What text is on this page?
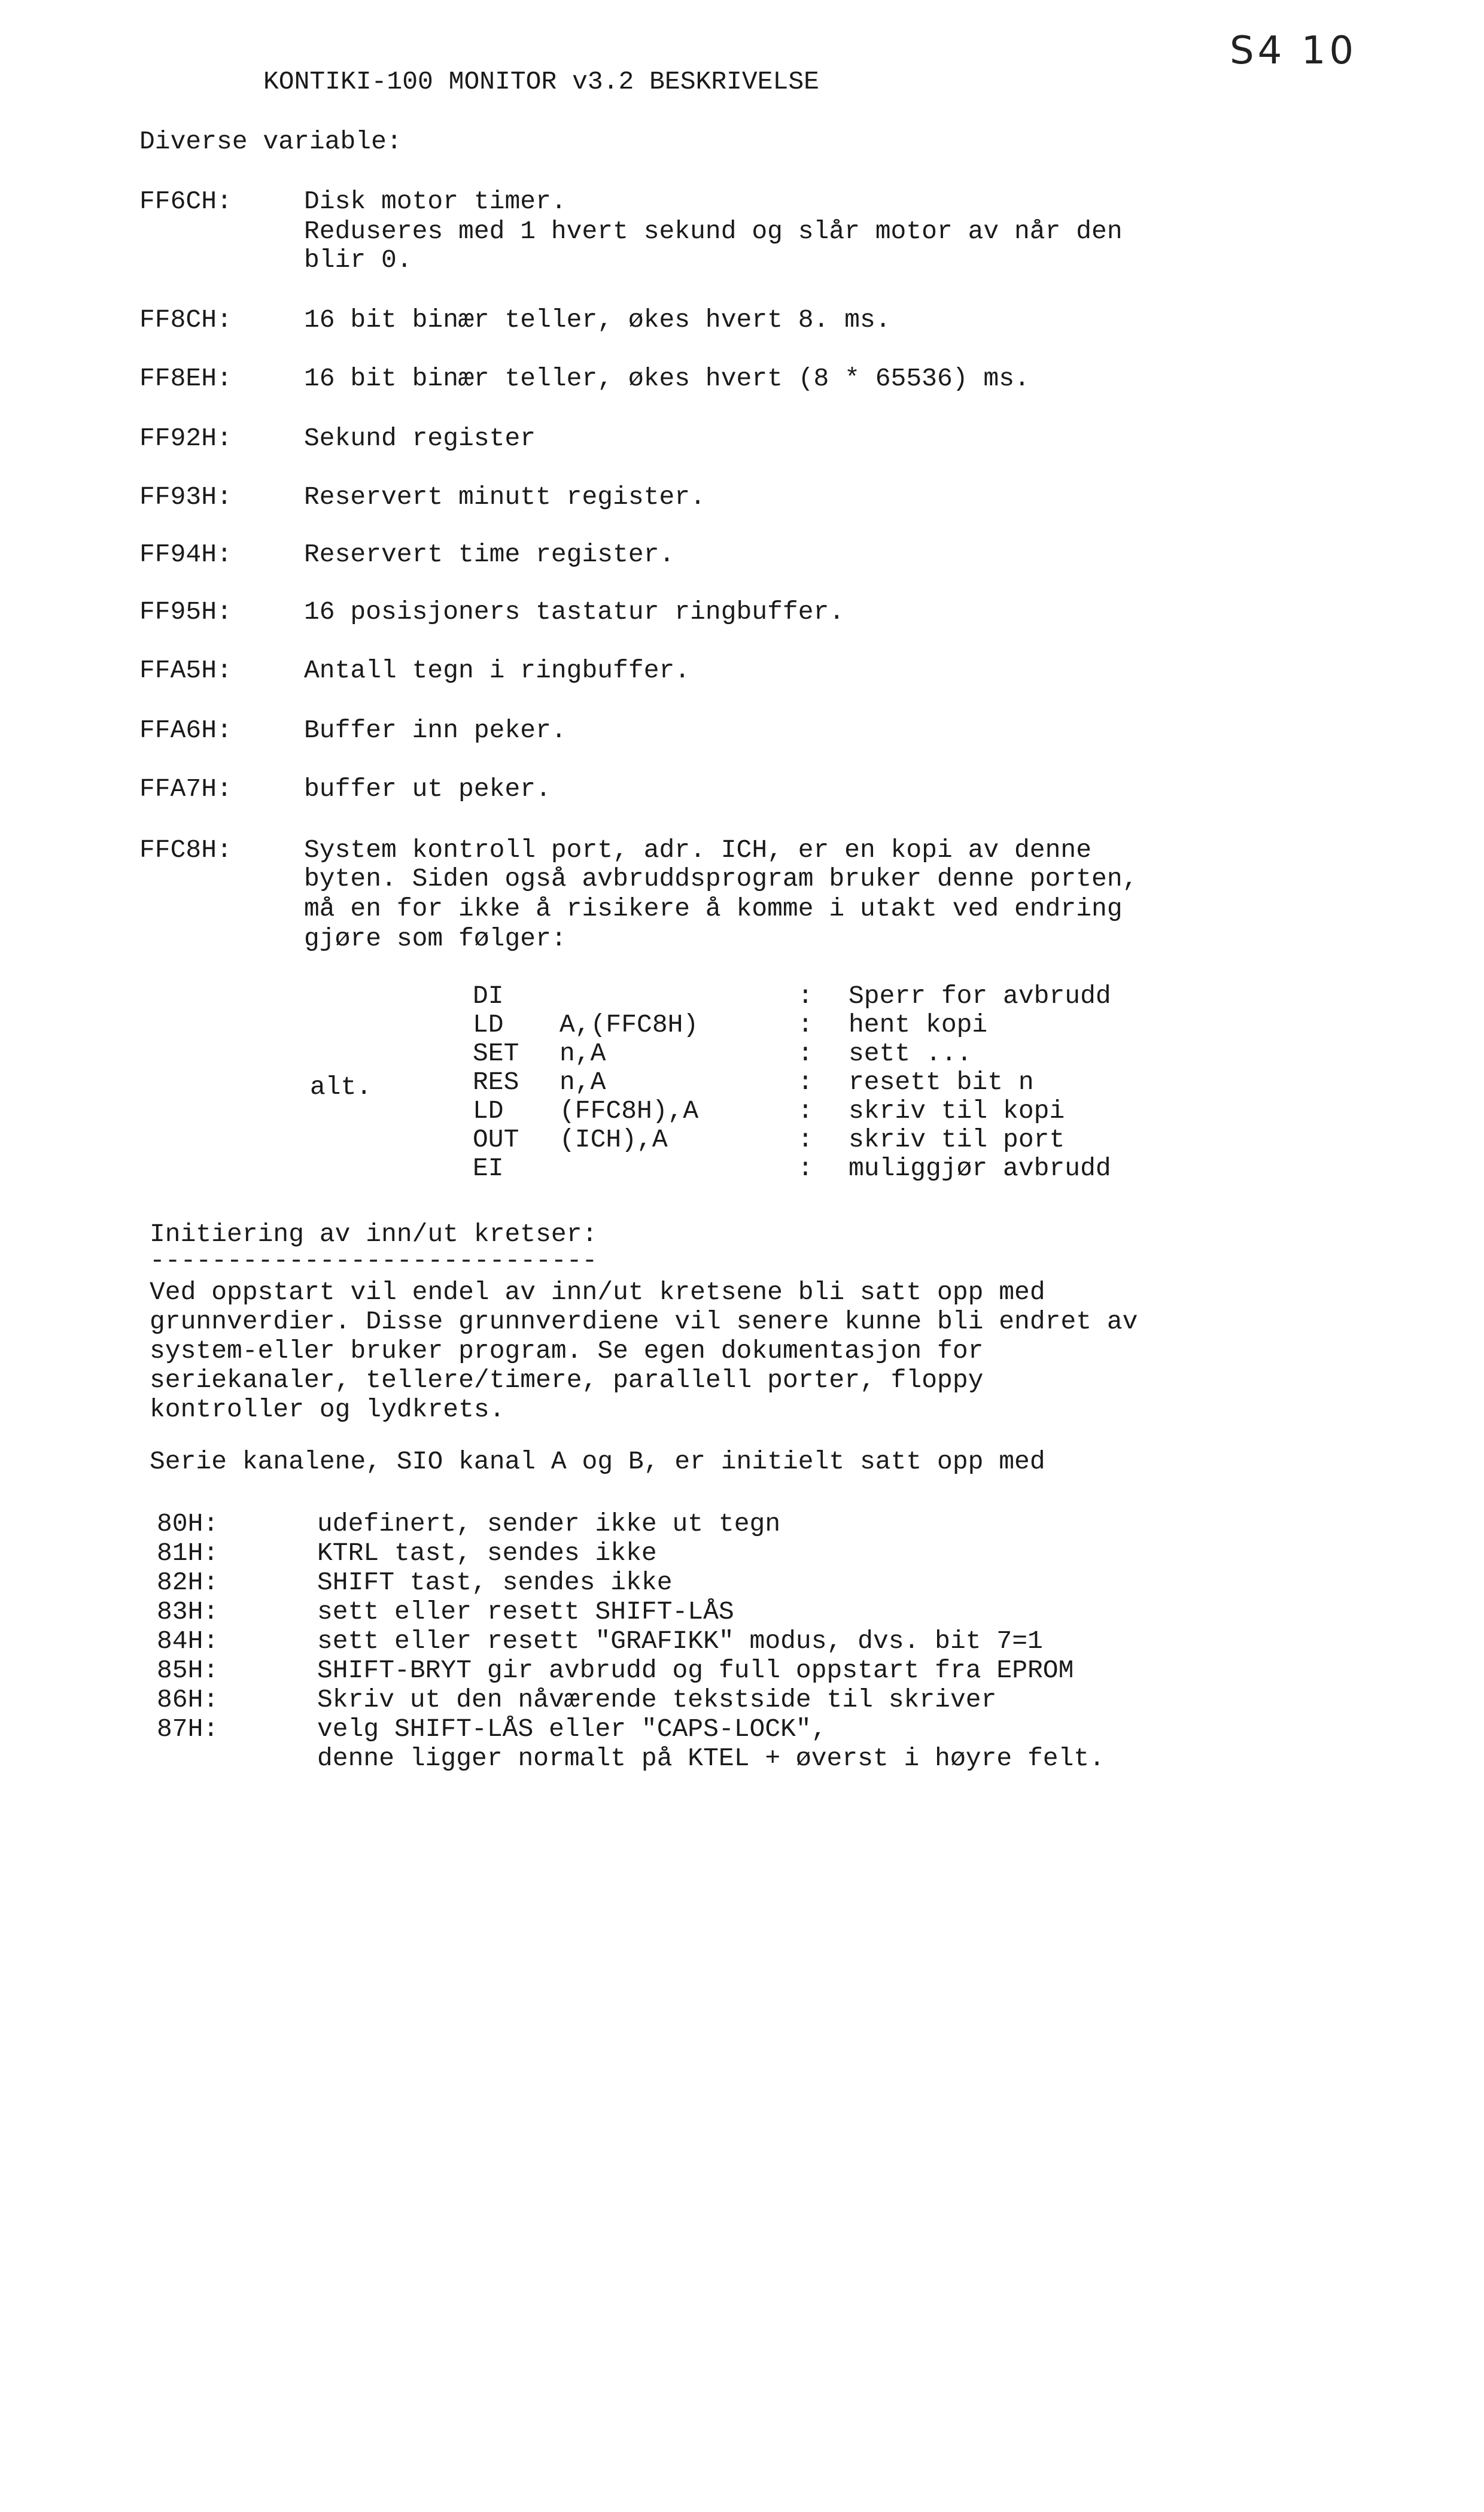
S4 10
KONTIKI-100 MONITOR v3.2 BESKRIVELSE
Diverse variable:
FF6CH:	Disk motor timer.
Reduseres med 1 hvert sekund og slår motor av når den
blir 0.
FF8CH:	16 bit binær teller, økes hvert 8. ms.
FF8EH:	16 bit binær teller, økes hvert (8 * 65536) ms.
FF92H:	Sekund register
FF93H:	Reservert minutt register.
FF94H:	Reservert time register.
FF95H:	16 posisjoners tastatur ringbuffer.
FFA5H:	Antall tegn i ringbuffer.
FFA6H:	Buffer inn peker.
FFA7H:	buffer ut peker.
FFC8H:	System kontroll port, adr. ICH, er en kopi av denne
byten. Siden også avbruddsprogram bruker denne porten,
må en for ikke å risikere å komme i utakt ved endring
gjøre som følger:
DI	: Sperr for avbrudd
LD A,(FFC8H)	: hent kopi
SET n,A	: sett ...
alt.	RES n,A	: resett bit n
LD (FFC8H),A	: skriv til kopi
OUT (ICH),A	: skriv til port
EI	: muliggjør avbrudd
Initiering av inn/ut kretser:
-----------------------------
Ved oppstart vil endel av inn/ut kretsene bli satt opp med
grunnverdier. Disse grunnverdiene vil senere kunne bli endret av
system-eller bruker program. Se egen dokumentasjon for
seriekanaler, tellere/timere, parallell porter, floppy
kontroller og lydkrets.
Serie kanalene, SIO kanal A og B, er initielt satt opp med
80H:	udefinert, sender ikke ut tegn
81H:	KTRL tast, sendes ikke
82H:	SHIFT tast, sendes ikke
83H:	sett eller resett SHIFT-LÅS
84H:	sett eller resett "GRAFIKK" modus, dvs. bit 7=1
85H:	SHIFT-BRYT gir avbrudd og full oppstart fra EPROM
86H:	Skriv ut den nåværende tekstside til skriver
87H:	velg SHIFT-LÅS eller "CAPS-LOCK",
denne ligger normalt på KTEL + øverst i høyre felt.
